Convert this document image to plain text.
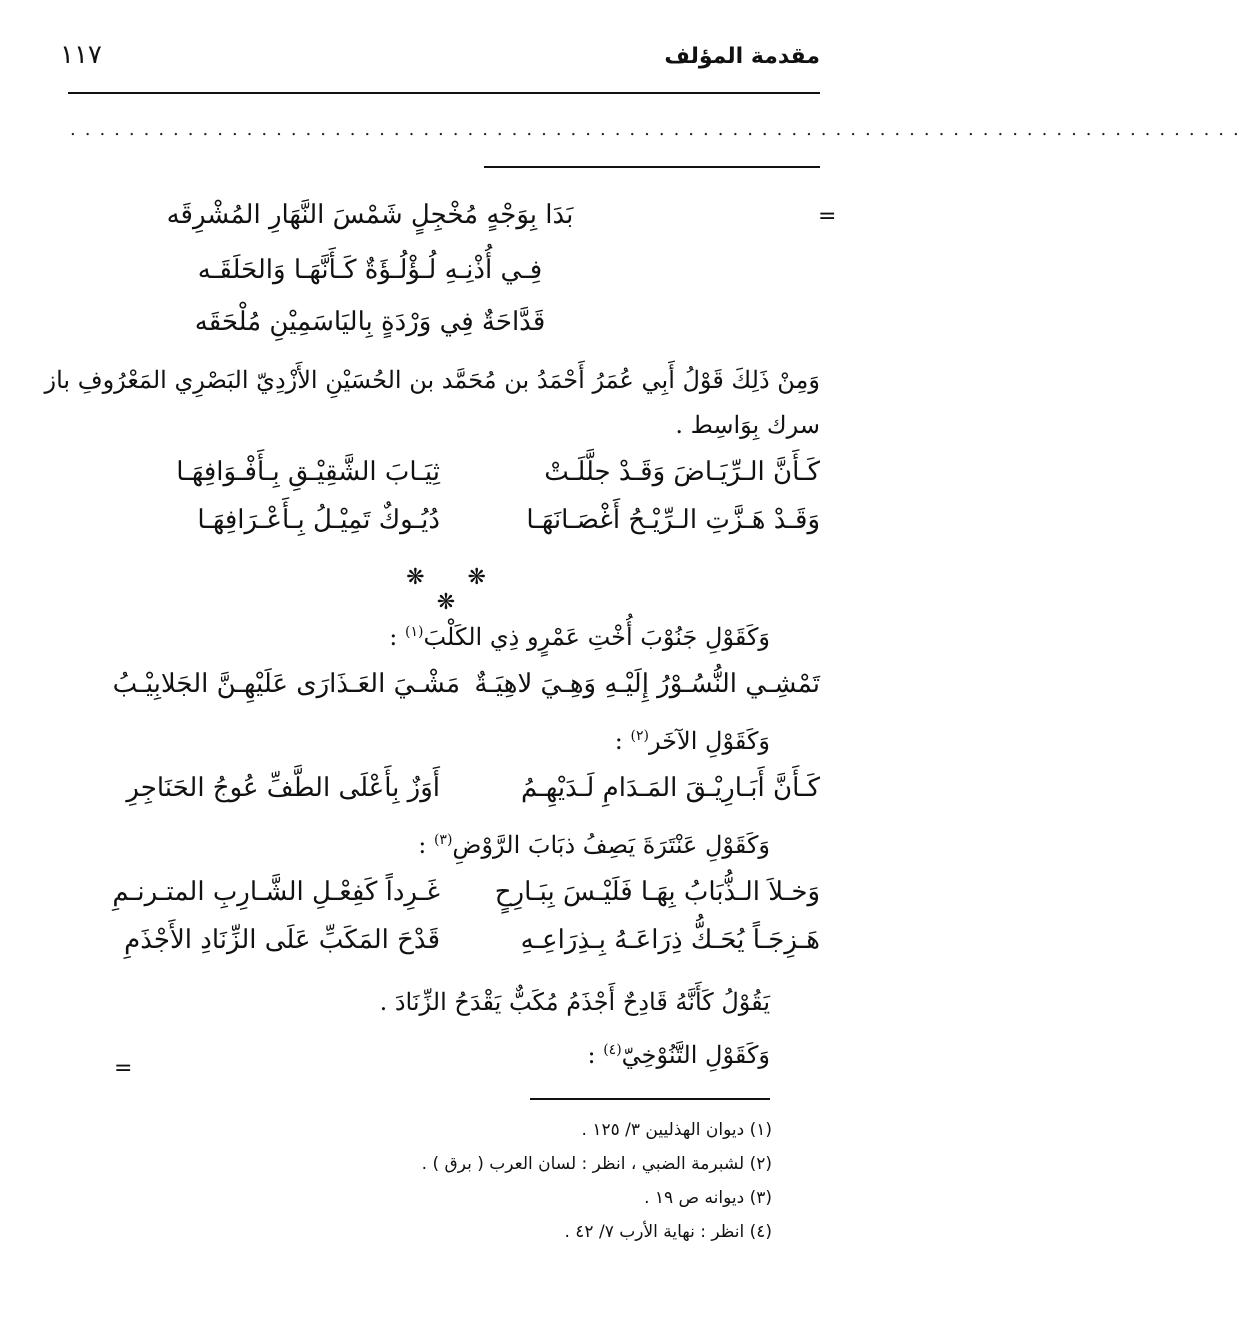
مقدمة المؤلف
١١٧
................................................................................
=
بَدَا بِوَجْهٍ مُخْجِلٍ شَمْسَ النَّهَارِ المُشْرِقَه
فِـي أُذْنِـهِ لُـؤْلُـؤَةٌ كَـأَنَّهَـا وَالحَلَقَـه
قَدَّاحَةٌ فِي وَرْدَةٍ بِاليَاسَمِيْنِ مُلْحَقَه
وَمِنْ ذَلِكَ قَوْلُ أَبِي عُمَرُ أَحْمَدُ بن مُحَمَّد بن الحُسَيْنِ الأَزْدِيّ البَصْرِي المَعْرُوفِ باز
سرك بِوَاسِط .
كَـأَنَّ الـرِّيَـاضَ وَقَـدْ جلَّلَـتْ
ثِيَـابَ الشَّقِيْـقِ بِـأَفْـوَافِهَـا
وَقَـدْ هَـزَّتِ الـرِّيْـحُ أَغْصَـانَهَـا
دُيُـوكٌ تَمِيْـلُ بِـأَعْـرَافِهَـا
❋ ❋ ❋
وَكَقَوْلِ جَنُوْبَ أُخْتِ عَمْرٍو ذِي الكَلْبَ$^{(١)}$ :
تَمْشِـي النُّسُـوْرُ إِلَيْـهِ وَهِـيَ لاهِيَـةٌ
مَشْـيَ العَـذَارَى عَلَيْهِـنَّ الجَلابِيْـبُ
وَكَقَوْلِ الآخَر$^{(٢)}$ :
كَـأَنَّ أَبَـارِيْـقَ المَـدَامِ لَـدَيْهِـمُ
أَوَزٌ بِأَعْلَى الطَّفِّ عُوجُ الحَنَاجِرِ
وَكَقَوْلِ عَنْتَرَةَ يَصِفُ ذبَابَ الرَّوْضِ$^{(٣)}$ :
وَخـلاَ الـذُّبَابُ بِهَـا فَلَيْـسَ بِبَـارِحٍ
غَـرِداً كَفِعْـلِ الشَّـارِبِ المتـرنـمِ
هَـزِجَـاً يُحَـكُّ ذِرَاعَـهُ بِـذِرَاعِـهِ
قَدْحَ المَكَبِّ عَلَى الزِّنَادِ الأَجْذَمِ
يَقُوْلُ كَأَنَّهُ قَادِحٌ أَجْذَمُ مُكَبٌّ يَقْدَحُ الزِّنَادَ .
وَكَقَوْلِ التَّنُوْخِيّ$^{(٤)}$ :
=
(١) ديوان الهذليين ٣/ ١٢٥ .
(٢) لشبرمة الضبي ، انظر : لسان العرب ( برق ) .
(٣) ديوانه ص ١٩ .
(٤) انظر : نهاية الأرب ٧/ ٤٢ .
